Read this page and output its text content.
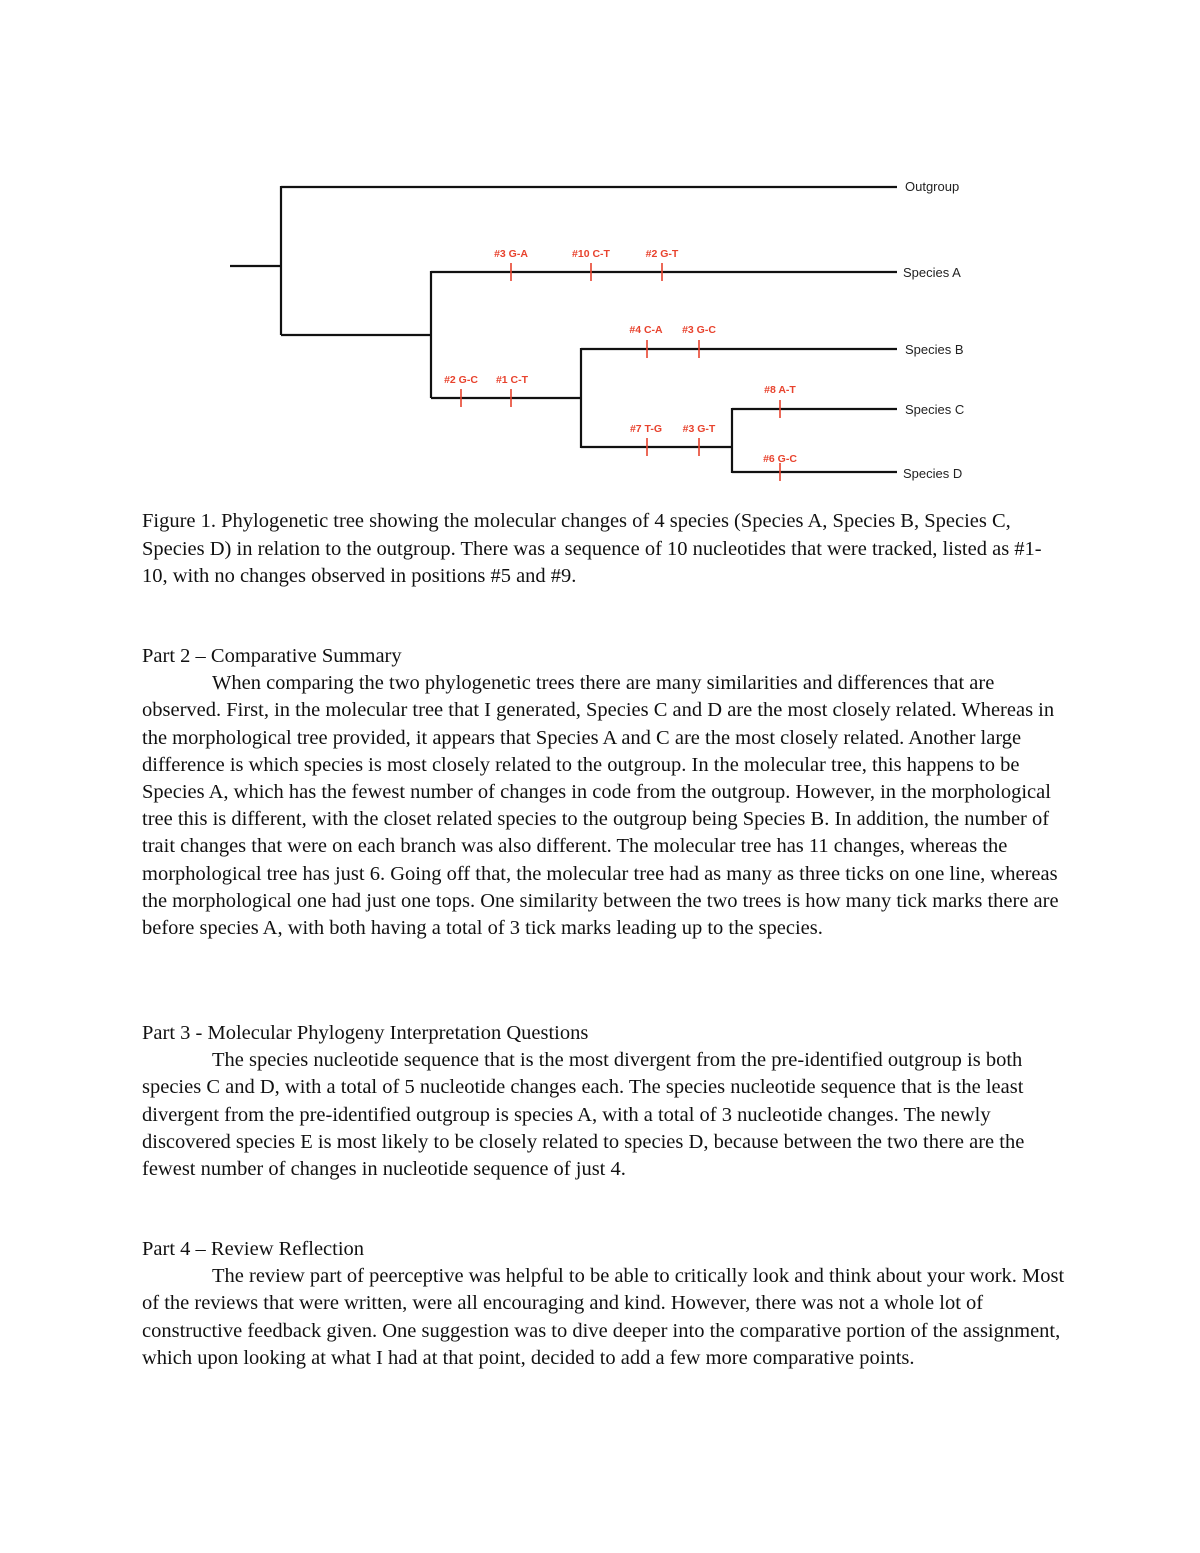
#3 G-A	#10 C-T	#2 G-T
#4 C-A #3 G-C
#2 G-C #1 C-T
#7 T-G #3 G-T
#8 A-T
#6 G-C
Outgroup
Species A
Species B
Species C
Species D

Figure 1. Phylogenetic tree showing the molecular changes of 4 species (Species A, Species B, Species C, Species D) in relation to the outgroup. There was a sequence of 10 nucleotides that were tracked, listed as #1-10, with no changes observed in positions #5 and #9.

Part 2 – Comparative Summary

When comparing the two phylogenetic trees there are many similarities and differences that are observed. First, in the molecular tree that I generated, Species C and D are the most closely related. Whereas in the morphological tree provided, it appears that Species A and C are the most closely related. Another large difference is which species is most closely related to the outgroup. In the molecular tree, this happens to be Species A, which has the fewest number of changes in code from the outgroup. However, in the morphological tree this is different, with the closet related species to the outgroup being Species B. In addition, the number of trait changes that were on each branch was also different. The molecular tree has 11 changes, whereas the morphological tree has just 6. Going off that, the molecular tree had as many as three ticks on one line, whereas the morphological one had just one tops. One similarity between the two trees is how many tick marks there are before species A, with both having a total of 3 tick marks leading up to the species.

Part 3 - Molecular Phylogeny Interpretation Questions

The species nucleotide sequence that is the most divergent from the pre-identified outgroup is both species C and D, with a total of 5 nucleotide changes each. The species nucleotide sequence that is the least divergent from the pre-identified outgroup is species A, with a total of 3 nucleotide changes. The newly discovered species E is most likely to be closely related to species D, because between the two there are the fewest number of changes in nucleotide sequence of just 4.

Part 4 – Review Reflection

The review part of peerceptive was helpful to be able to critically look and think about your work. Most of the reviews that were written, were all encouraging and kind. However, there was not a whole lot of constructive feedback given. One suggestion was to dive deeper into the comparative portion of the assignment, which upon looking at what I had at that point, decided to add a few more comparative points.
